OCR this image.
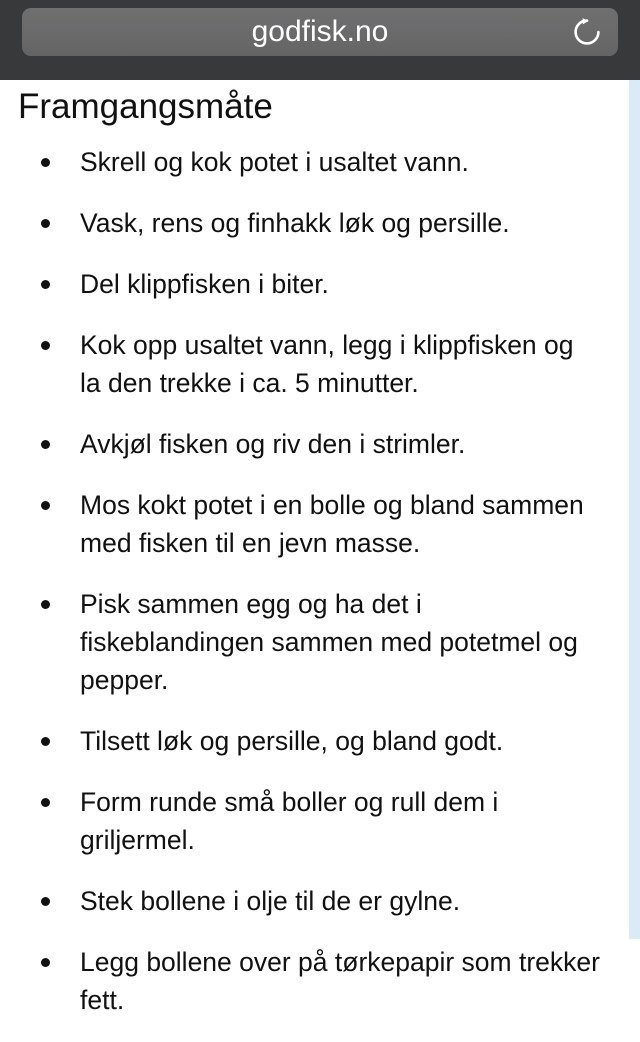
godfisk.no
Framgangsmåte
Skrell og kok potet i usaltet vann.
Vask, rens og finhakk løk og persille.
Del klippfisken i biter.
Kok opp usaltet vann, legg i klippfisken og la den trekke i ca. 5 minutter.
Avkjøl fisken og riv den i strimler.
Mos kokt potet i en bolle og bland sammen med fisken til en jevn masse.
Pisk sammen egg og ha det i fiskeblandingen sammen med potetmel og pepper.
Tilsett løk og persille, og bland godt.
Form runde små boller og rull dem i griljermel.
Stek bollene i olje til de er gylne.
Legg bollene over på tørkepapir som trekker fett.
